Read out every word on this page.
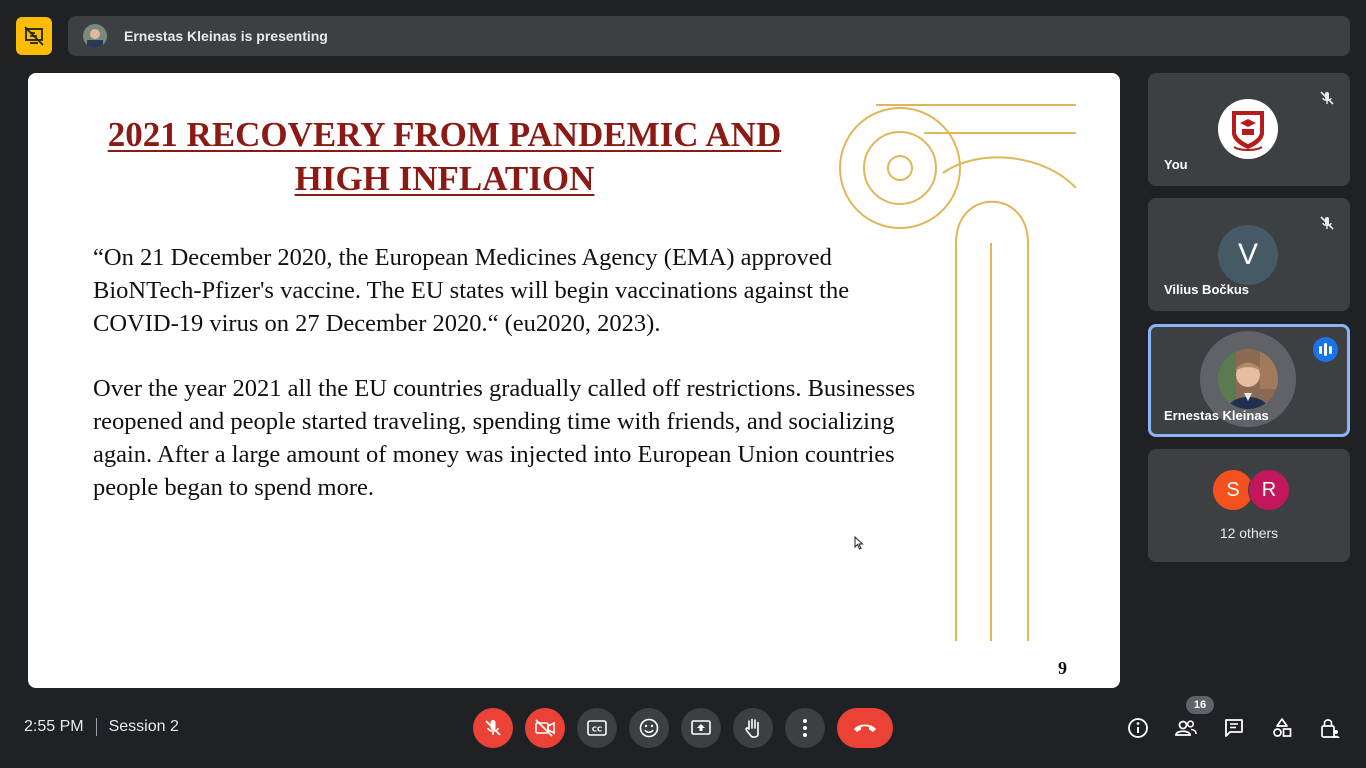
Ernestas Kleinas is presenting
2021 RECOVERY FROM PANDEMIC AND
HIGH INFLATION

“On 21 December 2020, the European Medicines Agency (EMA) approved BioNTech-Pfizer's vaccine. The EU states will begin vaccinations against the COVID-19 virus on 27 December 2020.“ (eu2020, 2023).

Over the year 2021 all the EU countries gradually called off restrictions. Businesses reopened and people started traveling, spending time with friends, and socializing again. After a large amount of money was injected into European Union countries people began to spend more.

9
You
V
Vilius Bočkus
Ernestas Kleinas
S	R
12 others
2:55 PM Session 2	CC
16
